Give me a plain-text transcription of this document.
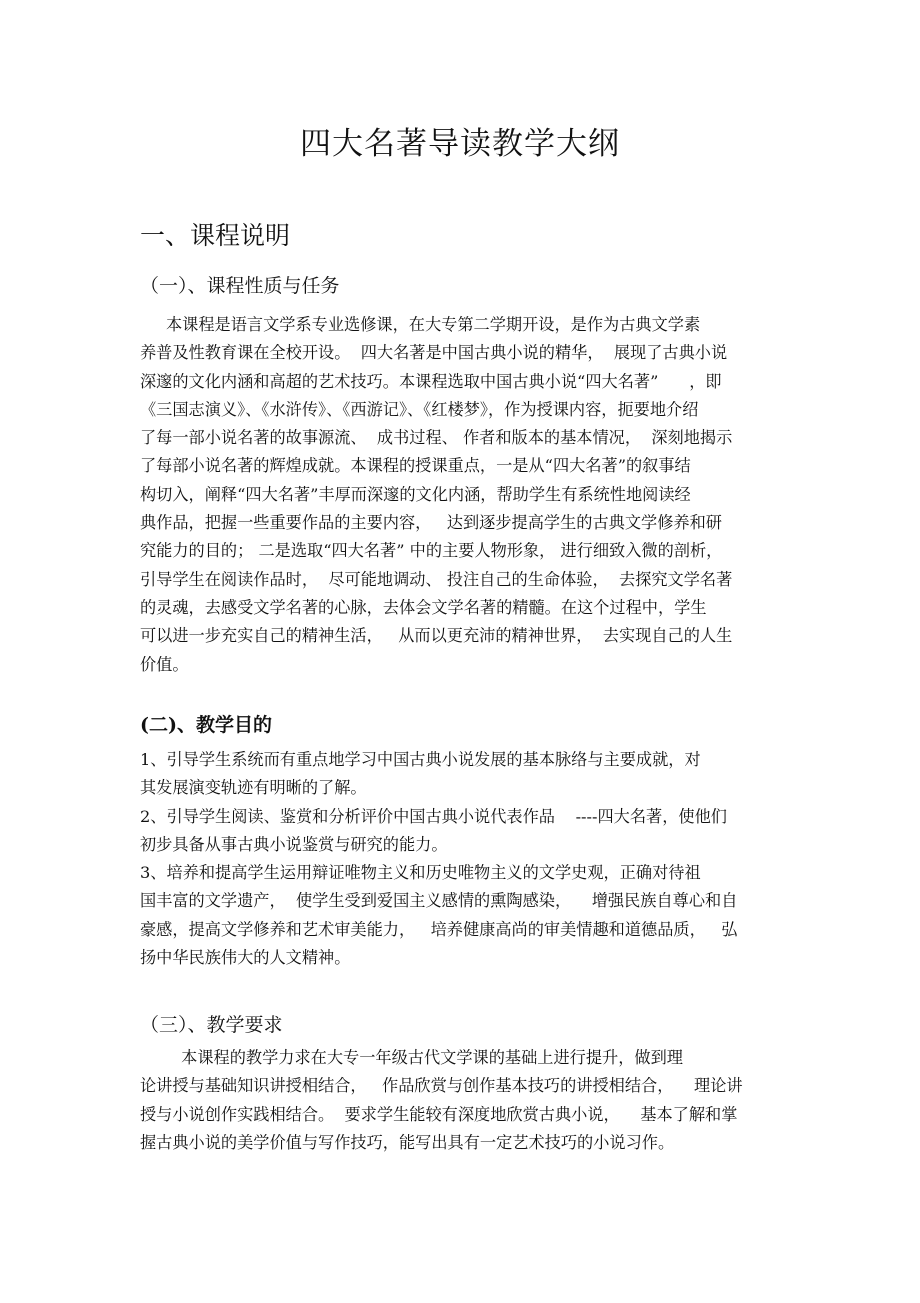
四大名著导读教学大纲
一、课程说明
（一）、课程性质与任务
本课程是语言文学系专业选修课，在大专第二学期开设，是作为古典文学素
养普及性教育课在全校开设。  四大名著是中国古典小说的精华，  展现了古典小说
深邃的文化内涵和高超的艺术技巧。本课程选取中国古典小说“四大名著”      ，即
《三国志演义》、《水浒传》、《西游记》、《红楼梦》，作为授课内容，扼要地介绍
了每一部小说名著的故事源流、  成书过程、 作者和版本的基本情况，  深刻地揭示
了每部小说名著的辉煌成就。本课程的授课重点，一是从“四大名著”的叙事结
构切入，阐释“四大名著”丰厚而深邃的文化内涵，帮助学生有系统性地阅读经
典作品，把握一些重要作品的主要内容，   达到逐步提高学生的古典文学修养和研
究能力的目的； 二是选取“四大名著” 中的主要人物形象， 进行细致入微的剖析，
引导学生在阅读作品时，  尽可能地调动、 投注自己的生命体验，  去探究文学名著
的灵魂，去感受文学名著的心脉，去体会文学名著的精髓。在这个过程中，学生
可以进一步充实自己的精神生活，   从而以更充沛的精神世界，  去实现自己的人生
价值。
(二)、教学目的
1、引导学生系统而有重点地学习中国古典小说发展的基本脉络与主要成就，对
其发展演变轨迹有明晰的了解。
2、引导学生阅读、鉴赏和分析评价中国古典小说代表作品    ----四大名著，使他们
初步具备从事古典小说鉴赏与研究的能力。
3、培养和提高学生运用辩证唯物主义和历史唯物主义的文学史观，正确对待祖
国丰富的文学遗产，  使学生受到爱国主义感情的熏陶感染，    增强民族自尊心和自
豪感，提高文学修养和艺术审美能力，   培养健康高尚的审美情趣和道德品质，   弘
扬中华民族伟大的人文精神。
（三）、教学要求
本课程的教学力求在大专一年级古代文学课的基础上进行提升，做到理
论讲授与基础知识讲授相结合，   作品欣赏与创作基本技巧的讲授相结合，    理论讲
授与小说创作实践相结合。  要求学生能较有深度地欣赏古典小说，    基本了解和掌
握古典小说的美学价值与写作技巧，能写出具有一定艺术技巧的小说习作。
